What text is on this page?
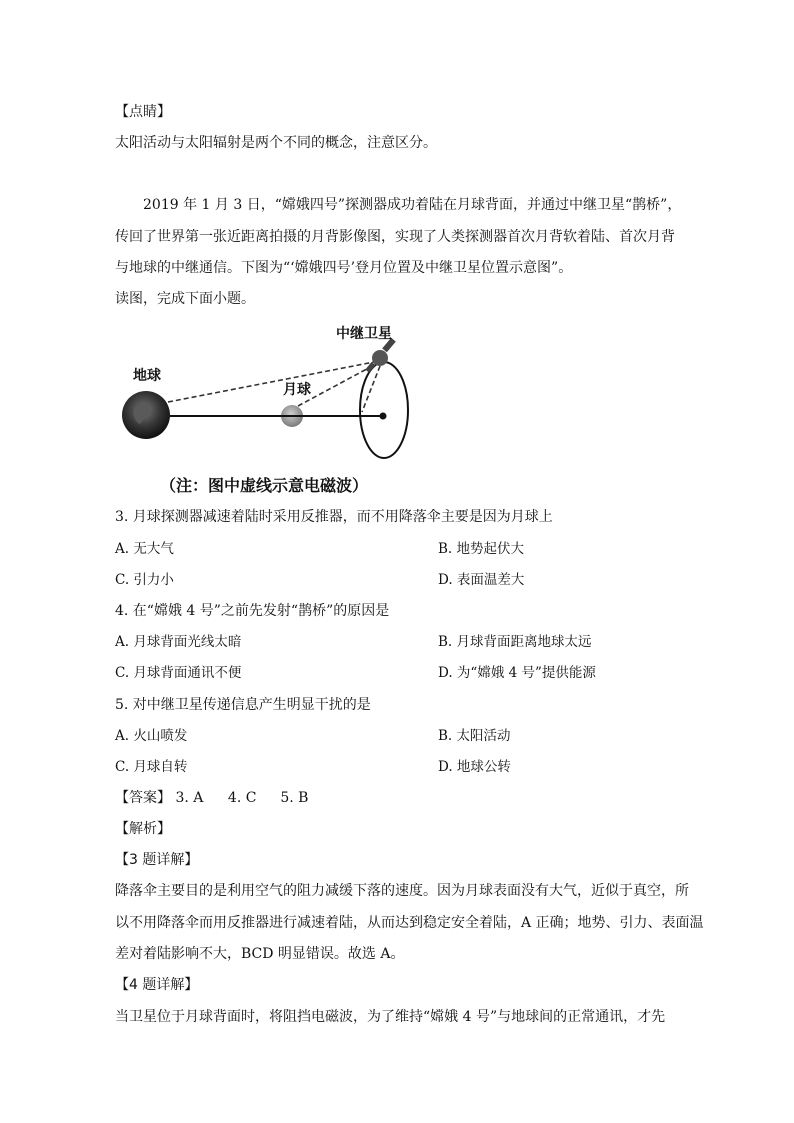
【点睛】
太阳活动与太阳辐射是两个不同的概念，注意区分。
2019 年 1 月 3 日，“嫦娥四号”探测器成功着陆在月球背面，并通过中继卫星“鹊桥”，
传回了世界第一张近距离拍摄的月背影像图，实现了人类探测器首次月背软着陆、首次月背
与地球的中继通信。下图为“‘嫦娥四号’登月位置及中继卫星位置示意图”。
读图，完成下面小题。
中继卫星
地球
月球
（注：图中虚线示意电磁波）
3. 月球探测器减速着陆时采用反推器，而不用降落伞主要是因为月球上
A. 无大气	B. 地势起伏大
C. 引力小	D. 表面温差大
4. 在“嫦娥 4 号”之前先发射“鹊桥”的原因是
A. 月球背面光线太暗	B. 月球背面距离地球太远
C. 月球背面通讯不便	D. 为“嫦娥 4 号”提供能源
5. 对中继卫星传递信息产生明显干扰的是
A. 火山喷发	B. 太阳活动
C. 月球自转	D. 地球公转
【答案】 3. A 4. C 5. B
【解析】
【3 题详解】
降落伞主要目的是利用空气的阻力减缓下落的速度。因为月球表面没有大气，近似于真空，所
以不用降落伞而用反推器进行减速着陆，从而达到稳定安全着陆，A 正确；地势、引力、表面温
差对着陆影响不大，BCD 明显错误。故选 A。
【4 题详解】
当卫星位于月球背面时，将阻挡电磁波，为了维持“嫦娥 4 号”与地球间的正常通讯，才先
